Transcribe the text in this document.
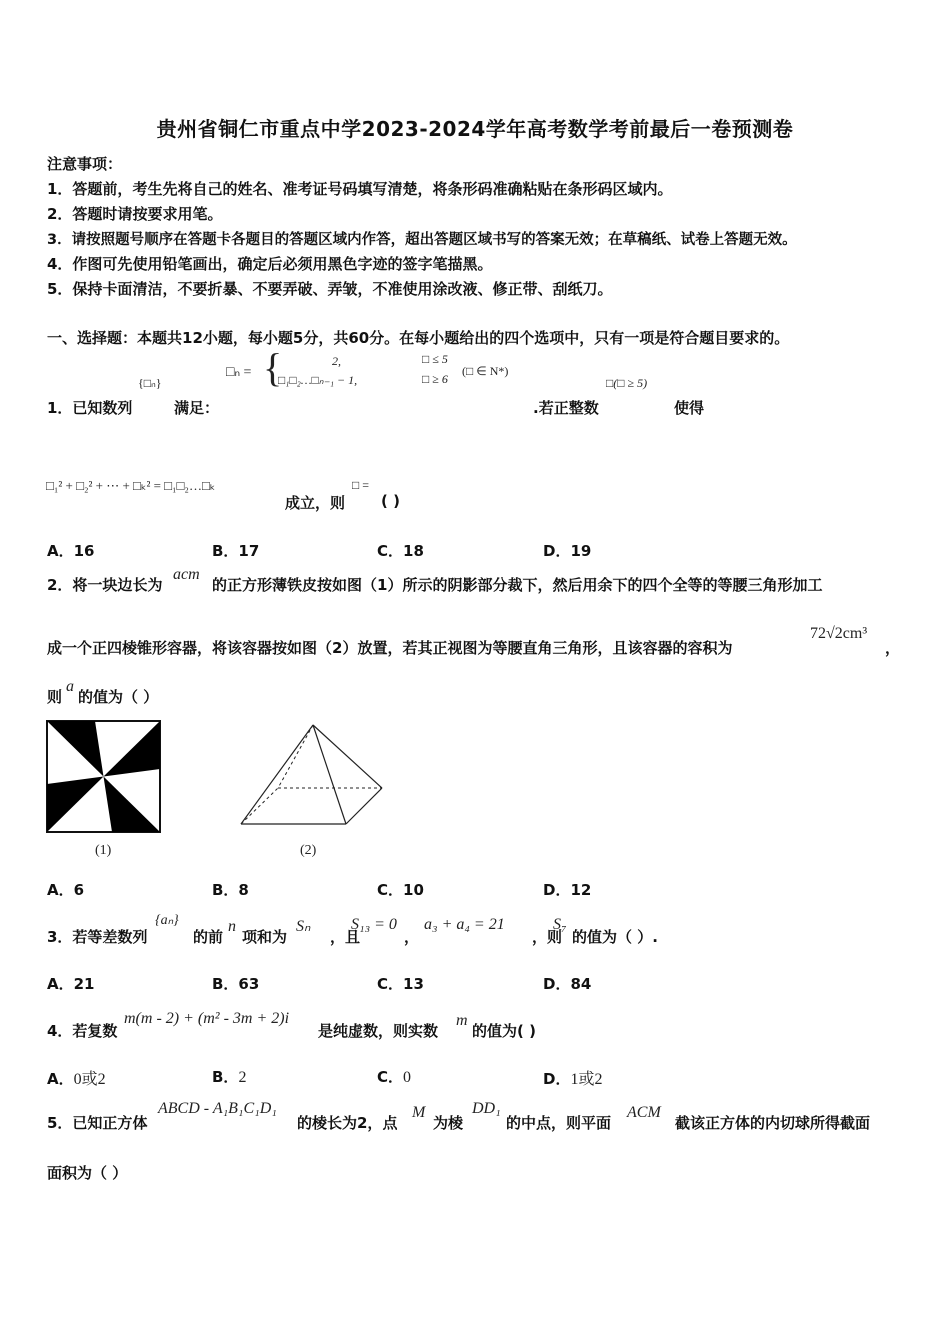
贵州省铜仁市重点中学2023-2024学年高考数学考前最后一卷预测卷
注意事项：
1．答题前，考生先将自己的姓名、准考证号码填写清楚，将条形码准确粘贴在条形码区域内。
2．答题时请按要求用笔。
3．请按照题号顺序在答题卡各题目的答题区域内作答，超出答题区域书写的答案无效；在草稿纸、试卷上答题无效。
4．作图可先使用铅笔画出，确定后必须用黑色字迹的签字笔描黑。
5．保持卡面清洁，不要折暴、不要弄破、弄皱，不准使用涂改液、修正带、刮纸刀。
一、选择题：本题共12小题，每小题5分，共60分。在每小题给出的四个选项中，只有一项是符合题目要求的。
{□ₙ}
□ₙ = {	2,
□₁□₂…□ₙ₋₁ − 1,
□ ≤ 5
□ ≥ 6
(□ ∈ N*)
□(□ ≥ 5)
1．已知数列	满足：	.若正整数	使得
□₁² + □₂² + ⋯ + □ₖ² = □₁□₂…□ₖ
成立，则
□ =
( )
A．16	B．17	C．18	D．19
2．将一块边长为
acm
的正方形薄铁皮按如图（1）所示的阴影部分裁下，然后用余下的四个全等的等腰三角形加工
成一个正四棱锥形容器，将该容器按如图（2）放置，若其正视图为等腰直角三角形，且该容器的容积为
72√2cm³
，
则
a
的值为（ ）
(1)	(2)
A．6	B．8	C．10	D．12
3．若等差数列
{aₙ}
的前
n
项和为
Sₙ
，且
S₁₃ = 0
，
a₃ + a₄ = 21
，则
S₇
的值为（ ）.
A．21	B．63	C．13	D．84
4．若复数
m(m - 2) + (m² - 3m + 2)i
是纯虚数，则实数
m
的值为( )
A．0或2	B．2	C．0	D．1或2
5．已知正方体
ABCD - A₁B₁C₁D₁
的棱长为2，点
M
为棱
DD₁
的中点，则平面
ACM
截该正方体的内切球所得截面
面积为（ ）
